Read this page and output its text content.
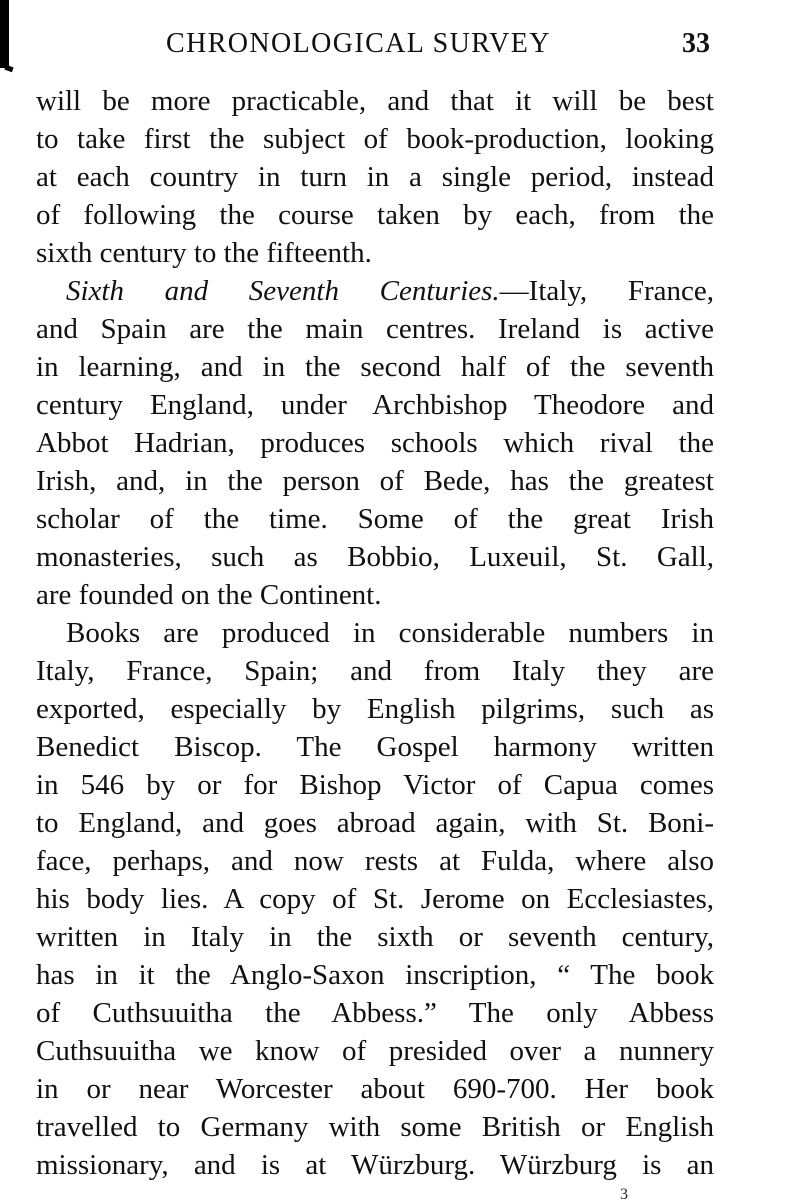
CHRONOLOGICAL SURVEY	33
will be more practicable, and that it will be best
to take first the subject of book-production, looking
at each country in turn in a single period, instead
of following the course taken by each, from the
sixth century to the fifteenth.
Sixth and Seventh Centuries.—Italy, France,
and Spain are the main centres. Ireland is active
in learning, and in the second half of the seventh
century England, under Archbishop Theodore and
Abbot Hadrian, produces schools which rival the
Irish, and, in the person of Bede, has the greatest
scholar of the time. Some of the great Irish
monasteries, such as Bobbio, Luxeuil, St. Gall,
are founded on the Continent.
Books are produced in considerable numbers in
Italy, France, Spain; and from Italy they are
exported, especially by English pilgrims, such as
Benedict Biscop. The Gospel harmony written
in 546 by or for Bishop Victor of Capua comes
to England, and goes abroad again, with St. Boni-
face, perhaps, and now rests at Fulda, where also
his body lies. A copy of St. Jerome on Ecclesiastes,
written in Italy in the sixth or seventh century,
has in it the Anglo-Saxon inscription, “ The book
of Cuthsuuitha the Abbess.” The only Abbess
Cuthsuuitha we know of presided over a nunnery
in or near Worcester about 690-700. Her book
travelled to Germany with some British or English
missionary, and is at Würzburg. Würzburg is an
3
